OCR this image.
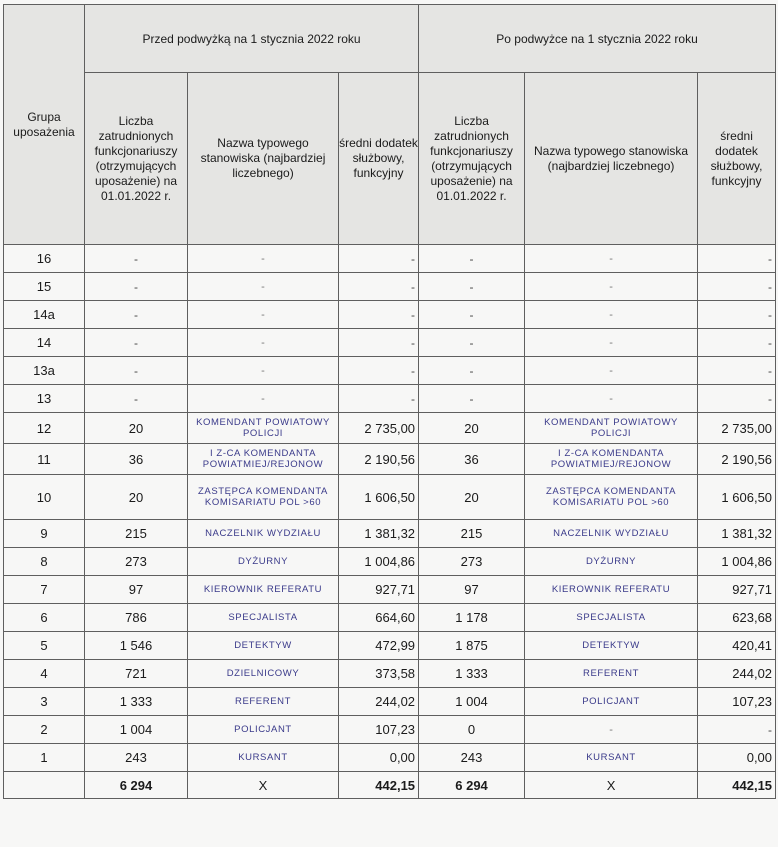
Grupa uposażenia	Przed podwyżką na 1 stycznia 2022 roku			Po podwyżce na 1 stycznia 2022 roku		
	Liczba zatrudnionych funkcjonariuszy (otrzymujących uposażenie) na 01.01.2022 r.	Nazwa typowego stanowiska (najbardziej liczebnego)	średni dodatek służbowy, funkcyjny	Liczba zatrudnionych funkcjonariuszy (otrzymujących uposażenie) na 01.01.2022 r.	Nazwa typowego stanowiska (najbardziej liczebnego)	średni dodatek służbowy, funkcyjny
16	-	-	-	-	-	-
15	-	-	-	-	-	-
14a	-	-	-	-	-	-
14	-	-	-	-	-	-
13a	-	-	-	-	-	-
13	-	-	-	-	-	-
12	20	KOMENDANT POWIATOWY POLICJI	2 735,00	20	KOMENDANT POWIATOWY POLICJI	2 735,00
11	36	I Z-CA KOMENDANTA POWIATMIEJ/REJONOW	2 190,56	36	I Z-CA KOMENDANTA POWIATMIEJ/REJONOW	2 190,56
10	20	ZASTĘPCA KOMENDANTA KOMISARIATU POL >60	1 606,50	20	ZASTĘPCA KOMENDANTA KOMISARIATU POL >60	1 606,50
9	215	NACZELNIK WYDZIAŁU	1 381,32	215	NACZELNIK WYDZIAŁU	1 381,32
8	273	DYŻURNY	1 004,86	273	DYŻURNY	1 004,86
7	97	KIEROWNIK REFERATU	927,71	97	KIEROWNIK REFERATU	927,71
6	786	SPECJALISTA	664,60	1 178	SPECJALISTA	623,68
5	1 546	DETEKTYW	472,99	1 875	DETEKTYW	420,41
4	721	DZIELNICOWY	373,58	1 333	REFERENT	244,02
3	1 333	REFERENT	244,02	1 004	POLICJANT	107,23
2	1 004	POLICJANT	107,23	0	-	-
1	243	KURSANT	0,00	243	KURSANT	0,00
	6 294	X	442,15	6 294	X	442,15
